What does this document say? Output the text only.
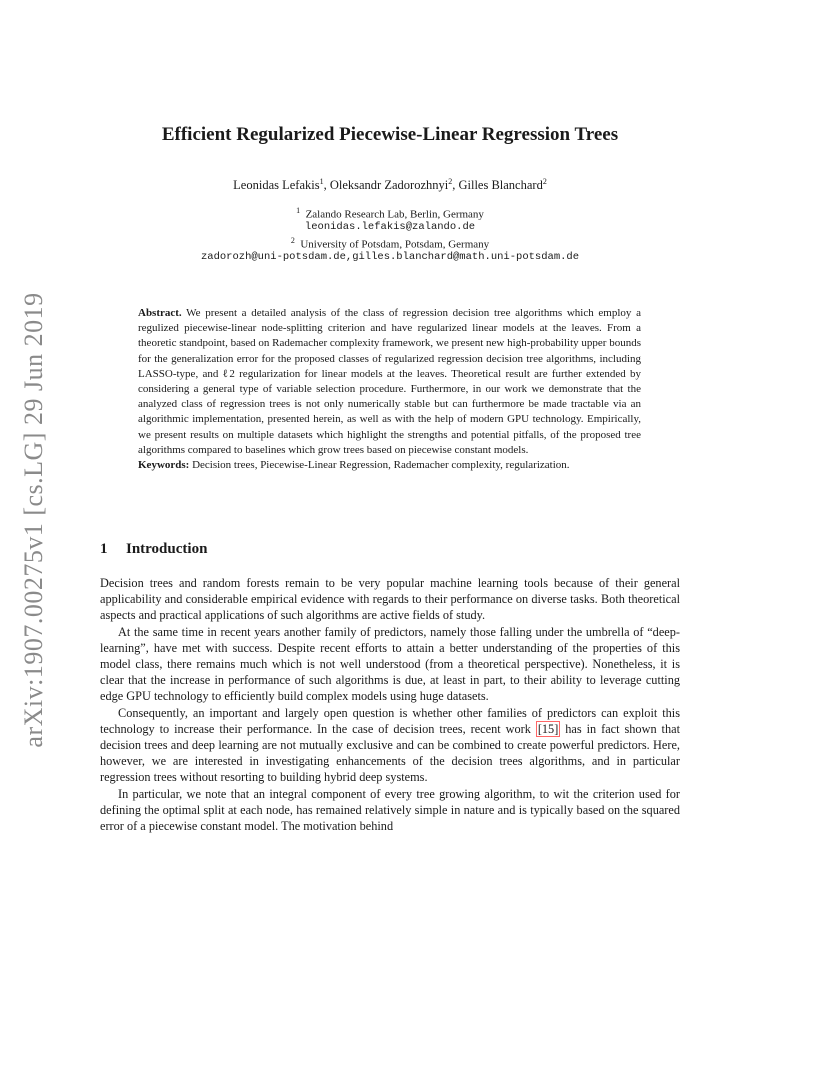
arXiv:1907.00275v1 [cs.LG] 29 Jun 2019
Efficient Regularized Piecewise-Linear Regression Trees
Leonidas Lefakis$^1$, Oleksandr Zadorozhnyi$^2$, Gilles Blanchard$^2$
$^1$ Zalando Research Lab, Berlin, Germany
leonidas.lefakis@zalando.de
$^2$ University of Potsdam, Potsdam, Germany
zadorozh@uni-potsdam.de,gilles.blanchard@math.uni-potsdam.de
Abstract. We present a detailed analysis of the class of regression decision tree algorithms which employ a regulized piecewise-linear node-splitting criterion and have regularized linear models at the leaves. From a theoretic standpoint, based on Rademacher complexity framework, we present new high-probability upper bounds for the generalization error for the proposed classes of regularized regression decision tree algorithms, including LASSO-type, and ℓ2 regularization for linear models at the leaves. Theoretical result are further extended by considering a general type of variable selection procedure. Furthermore, in our work we demonstrate that the analyzed class of regression trees is not only numerically stable but can furthermore be made tractable via an algorithmic implementation, presented herein, as well as with the help of modern GPU technology. Empirically, we present results on multiple datasets which highlight the strengths and potential pitfalls, of the proposed tree algorithms compared to baselines which grow trees based on piecewise constant models.
Keywords: Decision trees, Piecewise-Linear Regression, Rademacher complexity, regularization.
1 Introduction

Decision trees and random forests remain to be very popular machine learning tools because of their general applicability and considerable empirical evidence with regards to their performance on diverse tasks. Both theoretical aspects and practical applications of such algorithms are active fields of study.

At the same time in recent years another family of predictors, namely those falling under the umbrella of “deep-learning”, have met with success. Despite recent efforts to attain a better understanding of the properties of this model class, there remains much which is not well understood (from a theoretical perspective). Nonetheless, it is clear that the increase in performance of such algorithms is due, at least in part, to their ability to leverage cutting edge GPU technology to efficiently build complex models using huge datasets.

Consequently, an important and largely open question is whether other families of predictors can exploit this technology to increase their performance. In the case of decision trees, recent work [15] has in fact shown that decision trees and deep learning are not mutually exclusive and can be combined to create powerful predictors. Here, however, we are interested in investigating enhancements of the decision trees algorithms, and in particular regression trees without resorting to building hybrid deep systems.

In particular, we note that an integral component of every tree growing algorithm, to wit the criterion used for defining the optimal split at each node, has remained relatively simple in nature and is typically based on the squared error of a piecewise constant model. The motivation behind
